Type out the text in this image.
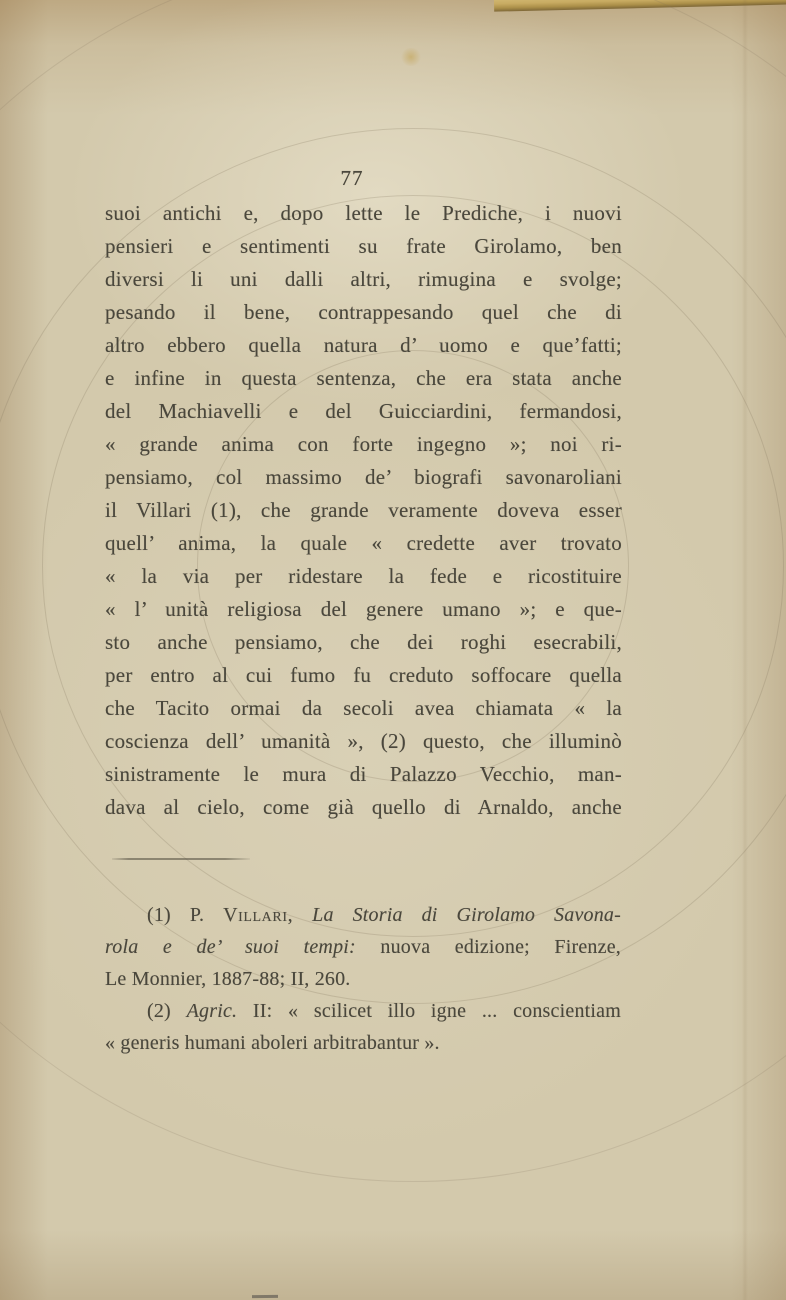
77
suoi antichi e, dopo lette le Prediche, i nuovi
pensieri e sentimenti su frate Girolamo, ben
diversi li uni dalli altri, rimugina e svolge;
pesando il bene, contrappesando quel che di
altro ebbero quella natura d’ uomo e que’fatti;
e infine in questa sentenza, che era stata anche
del Machiavelli e del Guicciardini, fermandosi,
« grande anima con forte ingegno »; noi ri-
pensiamo, col massimo de’ biografi savonaroliani
il Villari (1), che grande veramente doveva esser
quell’ anima, la quale « credette aver trovato
« la via per ridestare la fede e ricostituire
« l’ unità religiosa del genere umano »; e que-
sto anche pensiamo, che dei roghi esecrabili,
per entro al cui fumo fu creduto soffocare quella
che Tacito ormai da secoli avea chiamata « la
coscienza dell’ umanità », (2) questo, che illuminò
sinistramente le mura di Palazzo Vecchio, man-
dava al cielo, come già quello di Arnaldo, anche
(1) P. Villari, La Storia di Girolamo Savona-
rola e de’ suoi tempi: nuova edizione; Firenze,
Le Monnier, 1887-88; II, 260.
(2) Agric. II: « scilicet illo igne ... conscientiam
« generis humani aboleri arbitrabantur ».
